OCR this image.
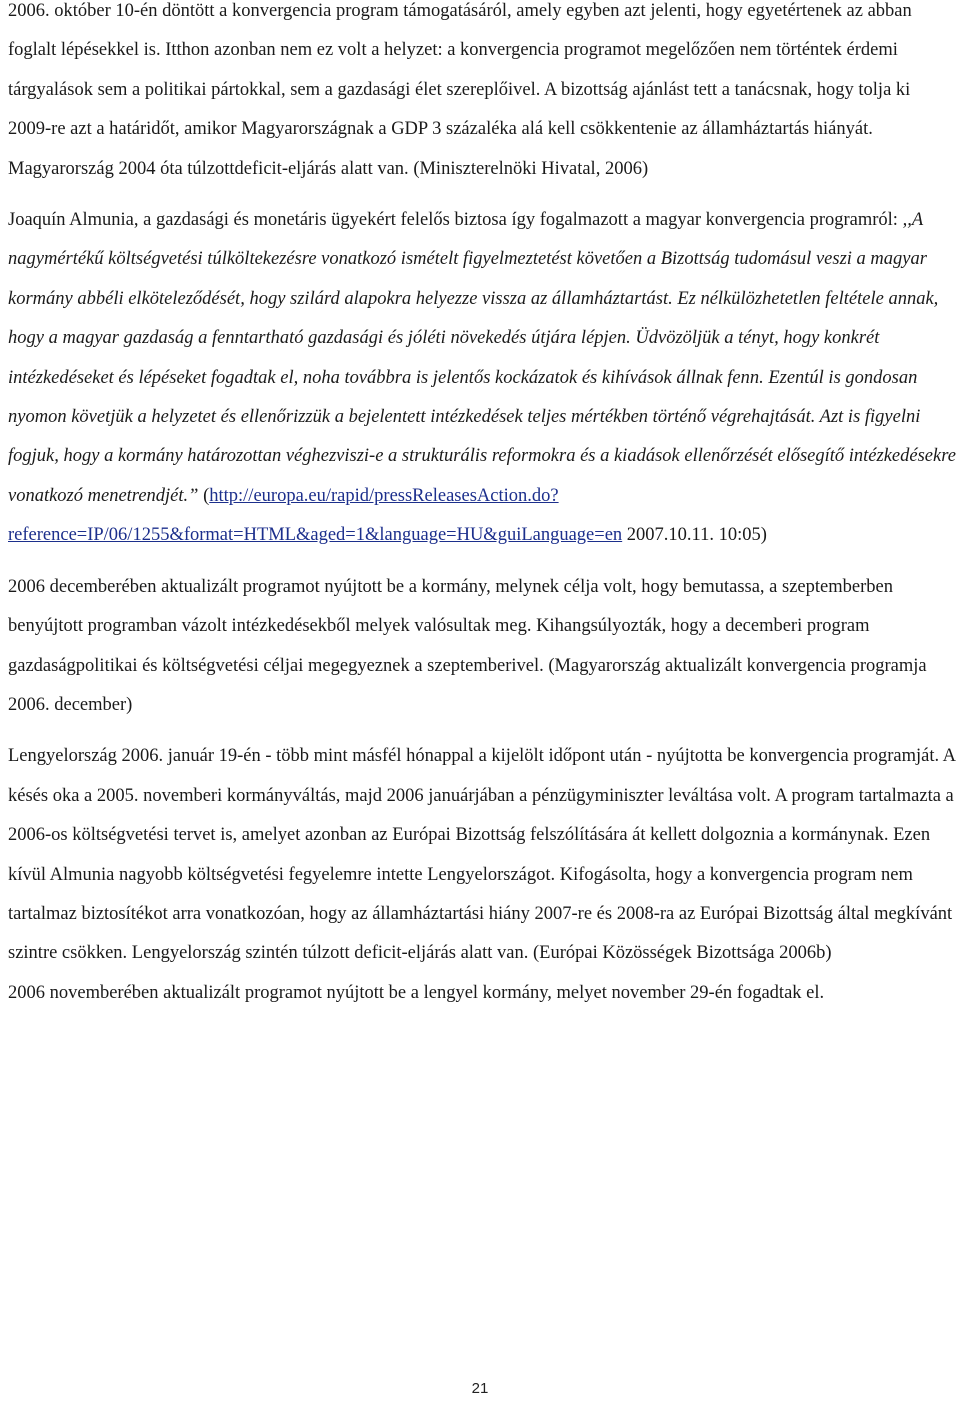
2006. október 10-én döntött a konvergencia program támogatásáról, amely egyben azt jelenti, hogy egyetértenek az abban foglalt lépésekkel is. Itthon azonban nem ez volt a helyzet: a konvergencia programot megelőzően nem történtek érdemi tárgyalások sem a politikai pártokkal, sem a gazdasági élet szereplőivel. A bizottság ajánlást tett a tanácsnak, hogy tolja ki 2009-re azt a határidőt, amikor Magyarországnak a GDP 3 százaléka alá kell csökkentenie az államháztartás hiányát. Magyarország 2004 óta túlzottdeficit-eljárás alatt van. (Miniszterelnöki Hivatal, 2006)

Joaquín Almunia, a gazdasági és monetáris ügyekért felelős biztosa így fogalmazott a magyar konvergencia programról: ,,A nagymértékű költségvetési túlköltekezésre vonatkozó ismételt figyelmeztetést követően a Bizottság tudomásul veszi a magyar kormány abbéli elköteleződését, hogy szilárd alapokra helyezze vissza az államháztartást. Ez nélkülözhetetlen feltétele annak, hogy a magyar gazdaság a fenntartható gazdasági és jóléti növekedés útjára lépjen. Üdvözöljük a tényt, hogy konkrét intézkedéseket és lépéseket fogadtak el, noha továbbra is jelentős kockázatok és kihívások állnak fenn. Ezentúl is gondosan nyomon követjük a helyzetet és ellenőrizzük a bejelentett intézkedések teljes mértékben történő végrehajtását. Azt is figyelni fogjuk, hogy a kormány határozottan véghezviszi-e a strukturális reformokra és a kiadások ellenőrzését elősegítő intézkedésekre vonatkozó menetrendjét.” (http://europa.eu/rapid/pressReleasesAction.do?reference=IP/06/1255&format=HTML&aged=1&language=HU&guiLanguage=en 2007.10.11. 10:05)

2006 decemberében aktualizált programot nyújtott be a kormány, melynek célja volt, hogy bemutassa, a szeptemberben benyújtott programban vázolt intézkedésekből melyek valósultak meg. Kihangsúlyozták, hogy a decemberi program gazdaságpolitikai és költségvetési céljai megegyeznek a szeptemberivel. (Magyarország aktualizált konvergencia programja 2006. december)

Lengyelország 2006. január 19-én - több mint másfél hónappal a kijelölt időpont után - nyújtotta be konvergencia programját. A késés oka a 2005. novemberi kormányváltás, majd 2006 januárjában a pénzügyminiszter leváltása volt. A program tartalmazta a 2006-os költségvetési tervet is, amelyet azonban az Európai Bizottság felszólítására át kellett dolgoznia a kormánynak. Ezen kívül Almunia nagyobb költségvetési fegyelemre intette Lengyelországot. Kifogásolta, hogy a konvergencia program nem tartalmaz biztosítékot arra vonatkozóan, hogy az államháztartási hiány 2007-re és 2008-ra az Európai Bizottság által megkívánt szintre csökken. Lengyelország szintén túlzott deficit-eljárás alatt van. (Európai Közösségek Bizottsága 2006b)

2006 novemberében aktualizált programot nyújtott be a lengyel kormány, melyet november 29-én fogadtak el.

21
